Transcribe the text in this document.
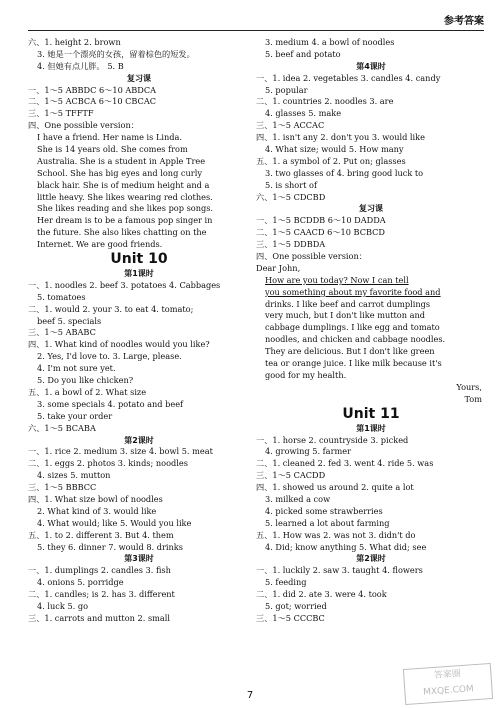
参考答案
六、1. height 2. brown
3. 她是一个漂亮的女孩，留着棕色的短发。
4. 但她有点儿胖。 5. B
复习课
一、1～5 ABBDC 6～10 ABDCA
二、1～5 ACBCA 6～10 CBCAC
三、1～5 TFFTF
四、One possible version：
I have a friend. Her name is Linda.
She is 14 years old. She comes from
Australia. She is a student in Apple Tree
School. She has big eyes and long curly
black hair. She is of medium height and a
little heavy. She likes wearing red clothes.
She likes reading and she likes pop songs.
Her dream is to be a famous pop singer in
the future. She also likes chatting on the
Internet. We are good friends.
Unit 10
第1课时
一、1. noodles 2. beef 3. potatoes 4. Cabbages
5. tomatoes
二、1. would 2. your 3. to eat 4. tomato;
beef 5. specials
三、1～5 ABABC
四、1. What kind of noodles would you like?
2. Yes, I'd love to. 3. Large, please.
4. I'm not sure yet.
5. Do you like chicken?
五、1. a bowl of 2. What size
3. some specials 4. potato and beef
5. take your order
六、1～5 BCABA
第2课时
一、1. rice 2. medium 3. size 4. bowl 5. meat
二、1. eggs 2. photos 3. kinds; noodles
4. sizes 5. mutton
三、1～5 BBBCC
四、1. What size bowl of noodles
2. What kind of 3. would like
4. What would; like 5. Would you like
五、1. to 2. different 3. But 4. them
5. they 6. dinner 7. would 8. drinks
第3课时
一、1. dumplings 2. candles 3. fish
4. onions 5. porridge
二、1. candles; is 2. has 3. different
4. luck 5. go
三、1. carrots and mutton 2. small
3. medium 4. a bowl of noodles
5. beef and potato
第4课时
一、1. idea 2. vegetables 3. candles 4. candy
5. popular
二、1. countries 2. noodles 3. are
4. glasses 5. make
三、1～5 ACCAC
四、1. isn't any 2. don't you 3. would like
4. What size; would 5. How many
五、1. a symbol of 2. Put on; glasses
3. two glasses of 4. bring good luck to
5. is short of
六、1～5 CDCBD
复习课
一、1～5 BCDDB 6～10 DADDA
二、1～5 CAACD 6～10 BCBCD
三、1～5 DDBDA
四、One possible version：
Dear John,
How are you today? Now I can tell
you something about my favorite food and
drinks. I like beef and carrot dumplings
very much, but I don't like mutton and
cabbage dumplings. I like egg and tomato
noodles, and chicken and cabbage noodles.
They are delicious. But I don't like green
tea or orange juice. I like milk because it's
good for my health.
Yours,
Tom
Unit 11
第1课时
一、1. horse 2. countryside 3. picked
4. growing 5. farmer
二、1. cleaned 2. fed 3. went 4. ride 5. was
三、1～5 CACDD
四、1. showed us around 2. quite a lot
3. milked a cow
4. picked some strawberries
5. learned a lot about farming
五、1. How was 2. was not 3. didn't do
4. Did; know anything 5. What did; see
第2课时
一、1. luckily 2. saw 3. taught 4. flowers
5. feeding
二、1. did 2. ate 3. were 4. took
5. got; worried
三、1～5 CCCBC
7
答案圈
MXQE.COM
